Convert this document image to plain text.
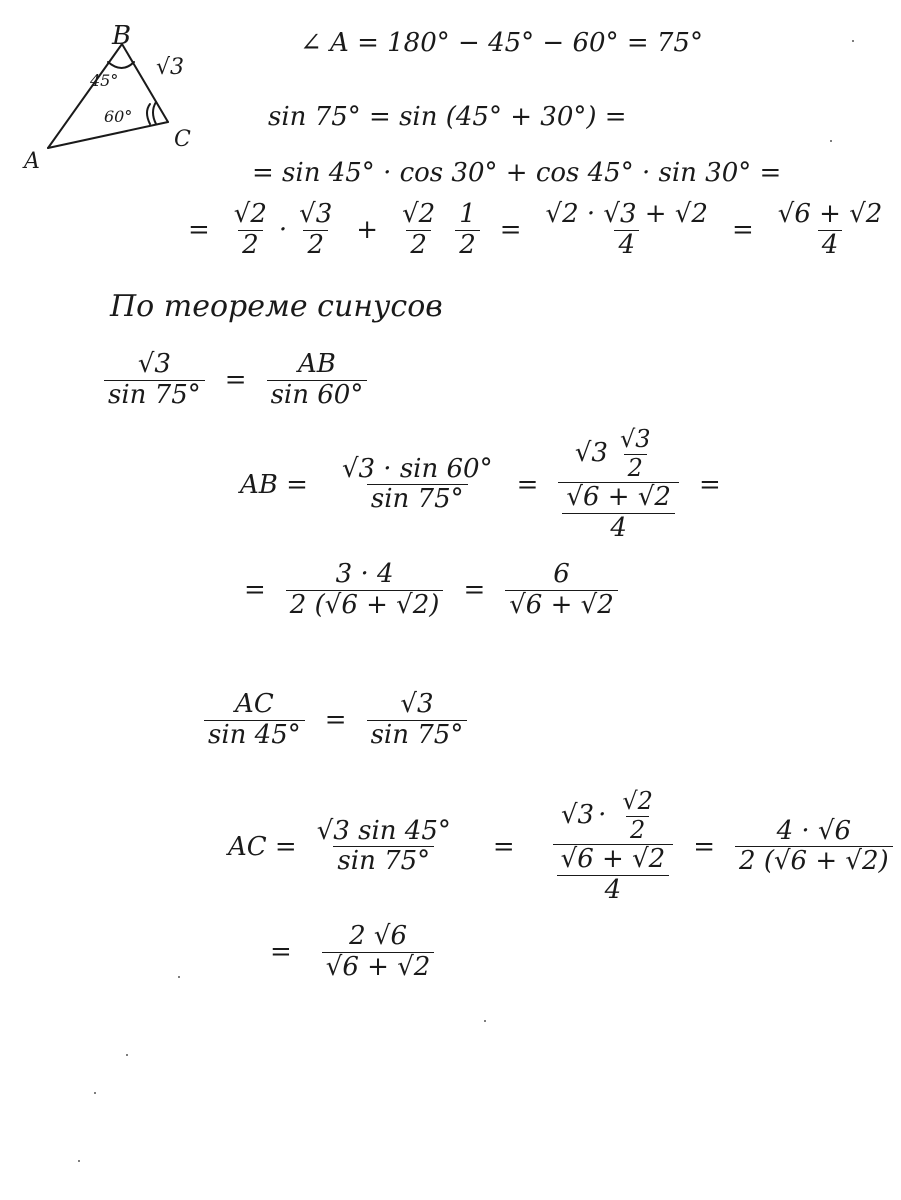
B
A
C
√3
45°
60°
∠ A = 180° − 45° − 60° = 75°
sin 75° = sin (45° + 30°) =
= sin 45° · cos 30° + cos 45° · sin 30° =
= $\frac{√2}{2}$ ·
√3
$2 + \frac{√2}{2} \frac{1}{2} = \frac{√2 \cdot √3 + √2}{4} = \frac{√6 + √2}{4}$
По теореме синусов
$\frac{√3}{\sin 75^\circ} = \frac{AB}{\sin 60^\circ}$
AB = $\frac{√3 \cdot \sin 60^\circ}{\sin 75^\circ} = √3$ √3
2
√6 + √2
4 =
= $\frac{3 \cdot 4}{2 (√6 + √2)} = \frac{6}{√6 + √2}$
$\frac{AC}{\sin 45^\circ} = \frac{√3}{\sin 75^\circ}$
AC = $\frac{√3 \sin 45^\circ}{\sin 75^\circ} = √3 \cdot √2$
2
√6 + √2
$4 = \frac{4 \cdot √6}{2 (√6 + √2)}$
= $\frac{2 √6}{√6 + √2}$
